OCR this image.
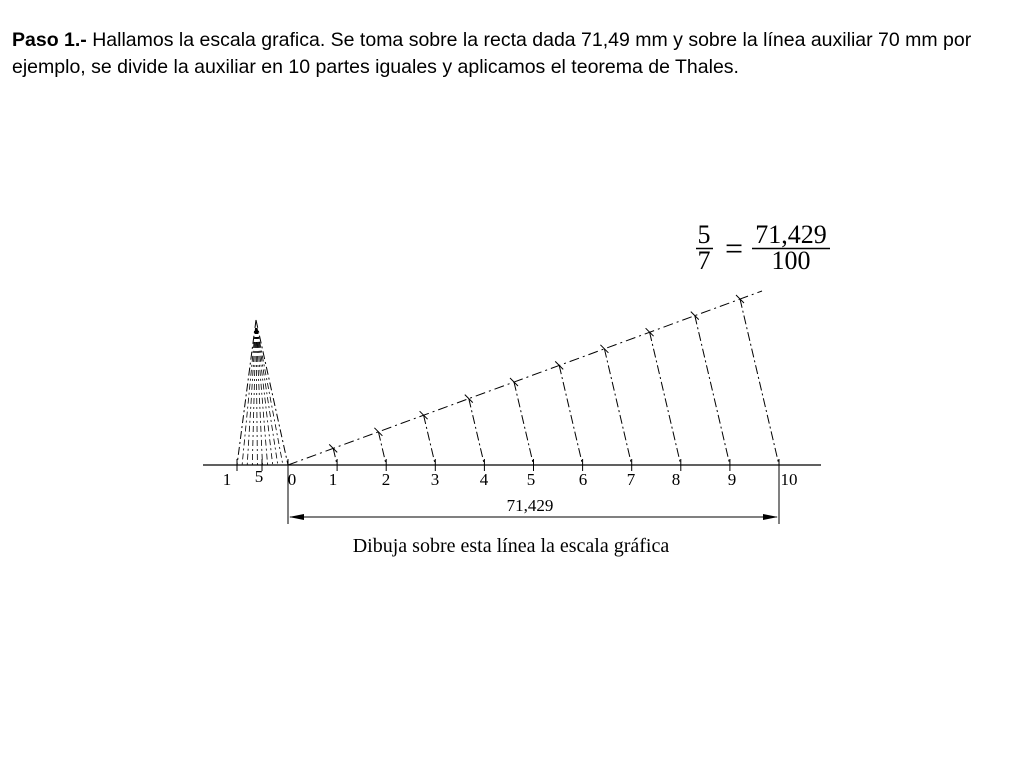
Paso 1.- Hallamos la escala grafica. Se toma sobre la recta dada 71,49 mm y sobre la línea auxiliar 70 mm por ejemplo, se divide la auxiliar en 10 partes iguales y aplicamos el teorema de Thales.

5
7 = 71,429
100
0 1	2 3 4 5	6 7 8	9	10
1 5
71,429
Dibuja sobre esta línea la escala gráfica
